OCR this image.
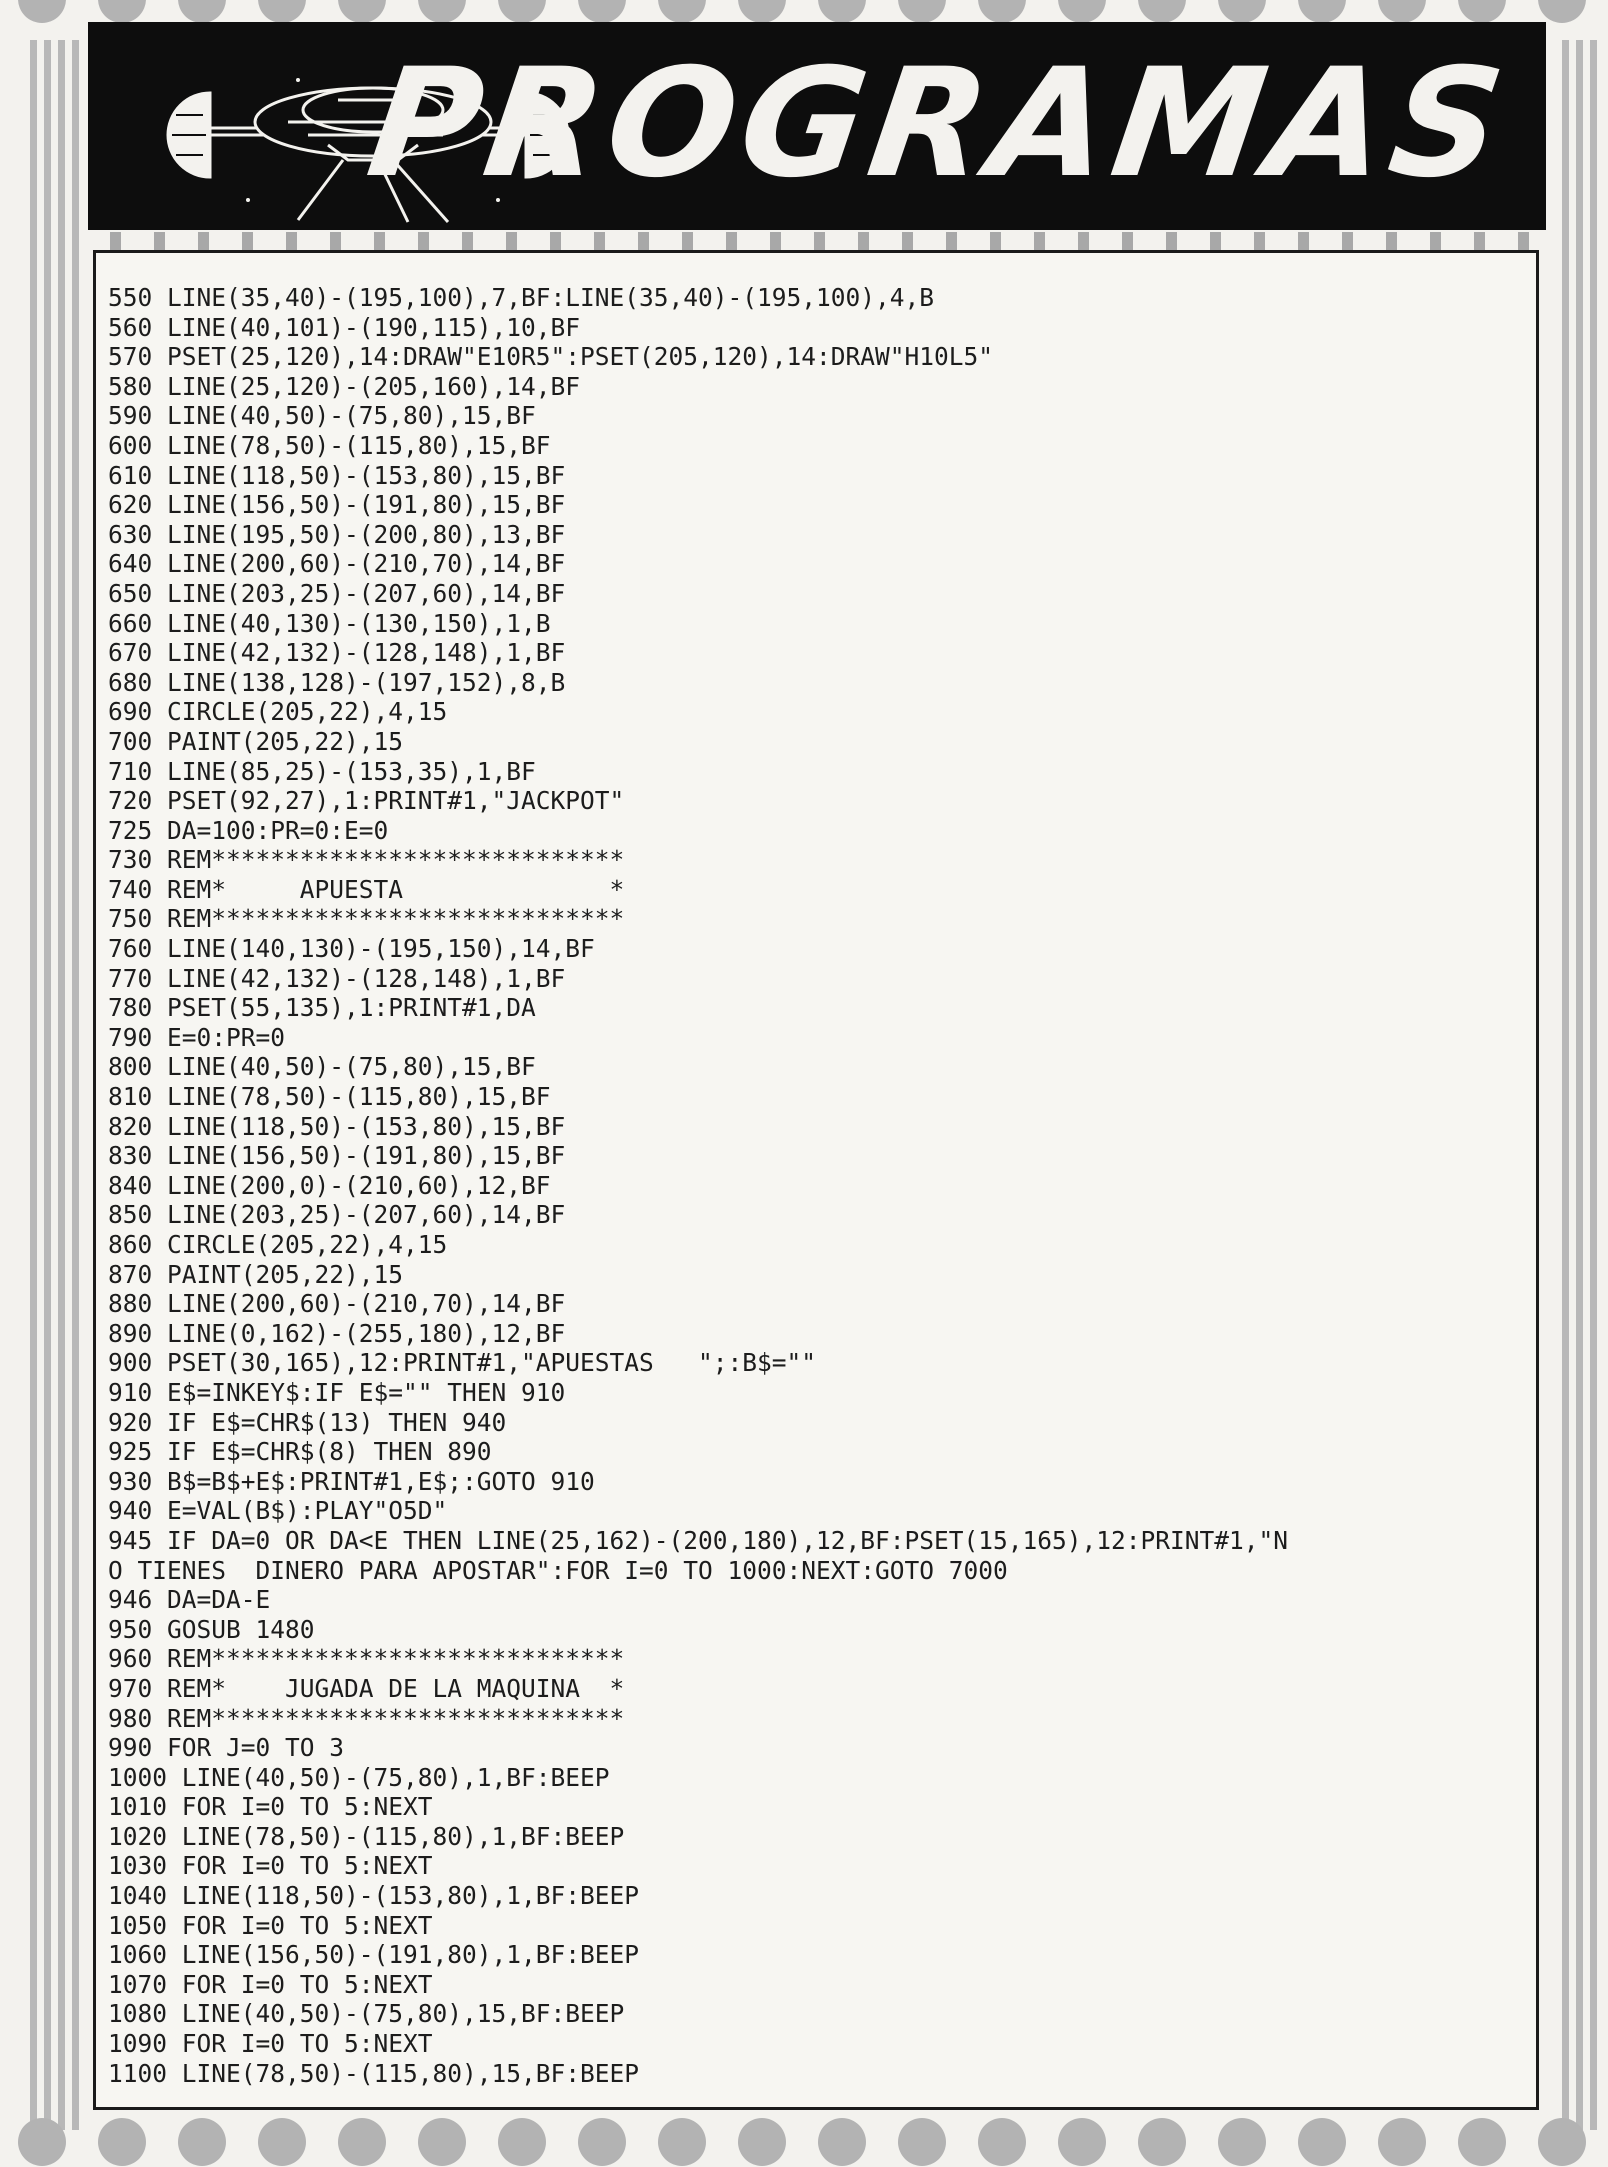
PROGRAMAS
550 LINE(35,40)-(195,100),7,BF:LINE(35,40)-(195,100),4,B
560 LINE(40,101)-(190,115),10,BF
570 PSET(25,120),14:DRAW"E10R5":PSET(205,120),14:DRAW"H10L5"
580 LINE(25,120)-(205,160),14,BF
590 LINE(40,50)-(75,80),15,BF
600 LINE(78,50)-(115,80),15,BF
610 LINE(118,50)-(153,80),15,BF
620 LINE(156,50)-(191,80),15,BF
630 LINE(195,50)-(200,80),13,BF
640 LINE(200,60)-(210,70),14,BF
650 LINE(203,25)-(207,60),14,BF
660 LINE(40,130)-(130,150),1,B
670 LINE(42,132)-(128,148),1,BF
680 LINE(138,128)-(197,152),8,B
690 CIRCLE(205,22),4,15
700 PAINT(205,22),15
710 LINE(85,25)-(153,35),1,BF
720 PSET(92,27),1:PRINT#1,"JACKPOT"
725 DA=100:PR=0:E=0
730 REM****************************
740 REM*     APUESTA              *
750 REM****************************
760 LINE(140,130)-(195,150),14,BF
770 LINE(42,132)-(128,148),1,BF
780 PSET(55,135),1:PRINT#1,DA
790 E=0:PR=0
800 LINE(40,50)-(75,80),15,BF
810 LINE(78,50)-(115,80),15,BF
820 LINE(118,50)-(153,80),15,BF
830 LINE(156,50)-(191,80),15,BF
840 LINE(200,0)-(210,60),12,BF
850 LINE(203,25)-(207,60),14,BF
860 CIRCLE(205,22),4,15
870 PAINT(205,22),15
880 LINE(200,60)-(210,70),14,BF
890 LINE(0,162)-(255,180),12,BF
900 PSET(30,165),12:PRINT#1,"APUESTAS   ";:B$=""
910 E$=INKEY$:IF E$="" THEN 910
920 IF E$=CHR$(13) THEN 940
925 IF E$=CHR$(8) THEN 890
930 B$=B$+E$:PRINT#1,E$;:GOTO 910
940 E=VAL(B$):PLAY"O5D"
945 IF DA=0 OR DA<E THEN LINE(25,162)-(200,180),12,BF:PSET(15,165),12:PRINT#1,"N
O TIENES  DINERO PARA APOSTAR":FOR I=0 TO 1000:NEXT:GOTO 7000
946 DA=DA-E
950 GOSUB 1480
960 REM****************************
970 REM*    JUGADA DE LA MAQUINA  *
980 REM****************************
990 FOR J=0 TO 3
1000 LINE(40,50)-(75,80),1,BF:BEEP
1010 FOR I=0 TO 5:NEXT
1020 LINE(78,50)-(115,80),1,BF:BEEP
1030 FOR I=0 TO 5:NEXT
1040 LINE(118,50)-(153,80),1,BF:BEEP
1050 FOR I=0 TO 5:NEXT
1060 LINE(156,50)-(191,80),1,BF:BEEP
1070 FOR I=0 TO 5:NEXT
1080 LINE(40,50)-(75,80),15,BF:BEEP
1090 FOR I=0 TO 5:NEXT
1100 LINE(78,50)-(115,80),15,BF:BEEP
